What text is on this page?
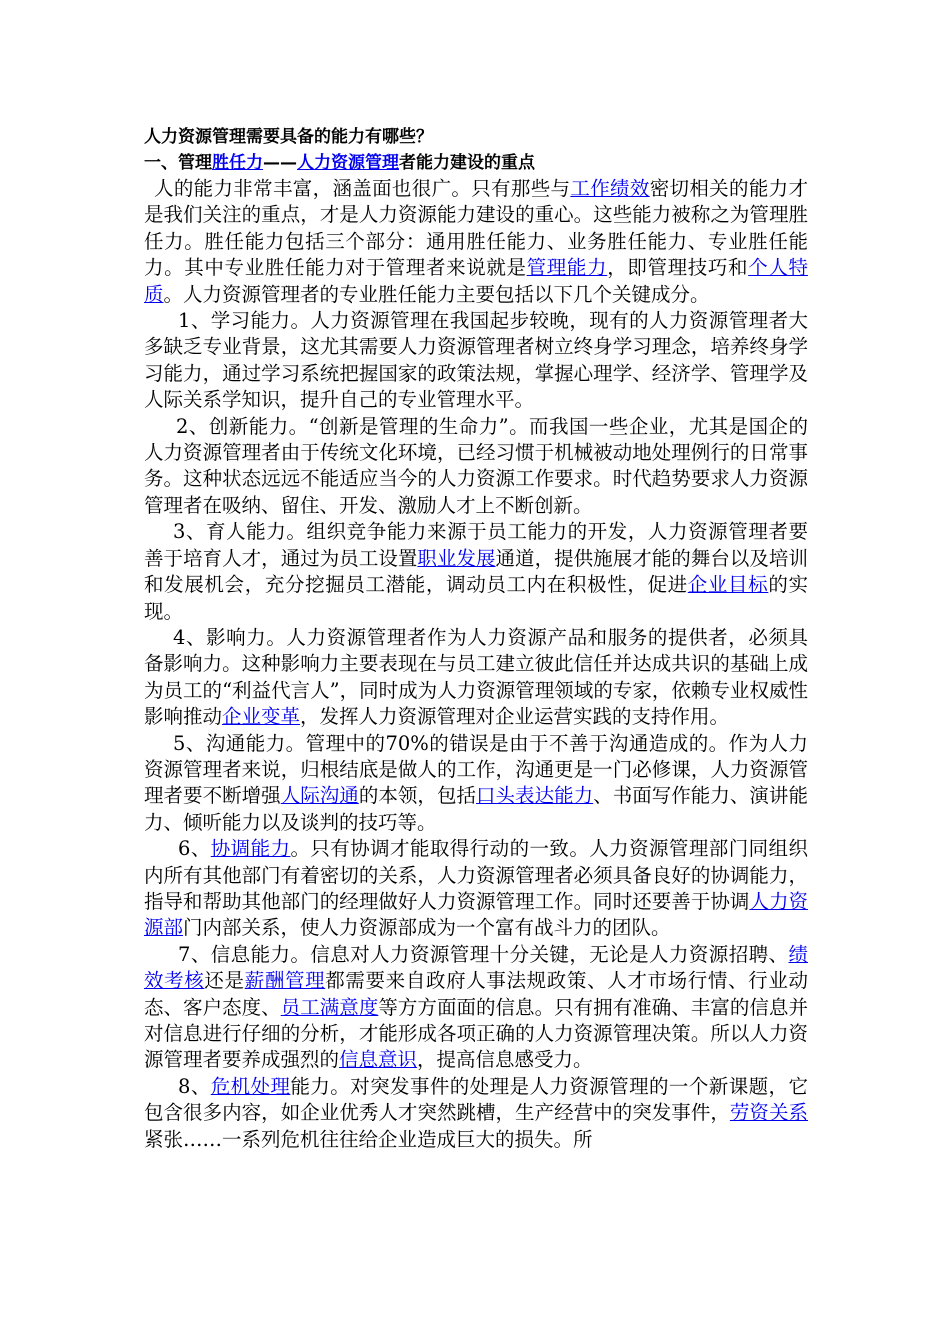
人力资源管理需要具备的能力有哪些？

一、管理胜任力——人力资源管理者能力建设的重点

人的能力非常丰富，涵盖面也很广。只有那些与工作绩效密切相关的能力才是我们关注的重点，才是人力资源能力建设的重心。这些能力被称之为管理胜任力。胜任能力包括三个部分：通用胜任能力、业务胜任能力、专业胜任能力。其中专业胜任能力对于管理者来说就是管理能力，即管理技巧和个人特质。人力资源管理者的专业胜任能力主要包括以下几个关键成分。

1、学习能力。人力资源管理在我国起步较晚，现有的人力资源管理者大多缺乏专业背景，这尤其需要人力资源管理者树立终身学习理念，培养终身学习能力，通过学习系统把握国家的政策法规，掌握心理学、经济学、管理学及人际关系学知识，提升自己的专业管理水平。

2、创新能力。“创新是管理的生命力”。而我国一些企业，尤其是国企的人力资源管理者由于传统文化环境，已经习惯于机械被动地处理例行的日常事务。这种状态远远不能适应当今的人力资源工作要求。时代趋势要求人力资源管理者在吸纳、留住、开发、激励人才上不断创新。

3、育人能力。组织竞争能力来源于员工能力的开发，人力资源管理者要善于培育人才，通过为员工设置职业发展通道，提供施展才能的舞台以及培训和发展机会，充分挖掘员工潜能，调动员工内在积极性，促进企业目标的实现。

4、影响力。人力资源管理者作为人力资源产品和服务的提供者，必须具备影响力。这种影响力主要表现在与员工建立彼此信任并达成共识的基础上成为员工的“利益代言人”，同时成为人力资源管理领域的专家，依赖专业权威性影响推动企业变革，发挥人力资源管理对企业运营实践的支持作用。

5、沟通能力。管理中的70%的错误是由于不善于沟通造成的。作为人力资源管理者来说，归根结底是做人的工作，沟通更是一门必修课，人力资源管理者要不断增强人际沟通的本领，包括口头表达能力、书面写作能力、演讲能力、倾听能力以及谈判的技巧等。

6、协调能力。只有协调才能取得行动的一致。人力资源管理部门同组织内所有其他部门有着密切的关系，人力资源管理者必须具备良好的协调能力，指导和帮助其他部门的经理做好人力资源管理工作。同时还要善于协调人力资源部门内部关系，使人力资源部成为一个富有战斗力的团队。

7、信息能力。信息对人力资源管理十分关键，无论是人力资源招聘、绩效考核还是薪酬管理都需要来自政府人事法规政策、人才市场行情、行业动态、客户态度、员工满意度等方方面面的信息。只有拥有准确、丰富的信息并对信息进行仔细的分析，才能形成各项正确的人力资源管理决策。所以人力资源管理者要养成强烈的信息意识，提高信息感受力。

8、危机处理能力。对突发事件的处理是人力资源管理的一个新课题，它包含很多内容，如企业优秀人才突然跳槽，生产经营中的突发事件，劳资关系紧张……一系列危机往往给企业造成巨大的损失。所
